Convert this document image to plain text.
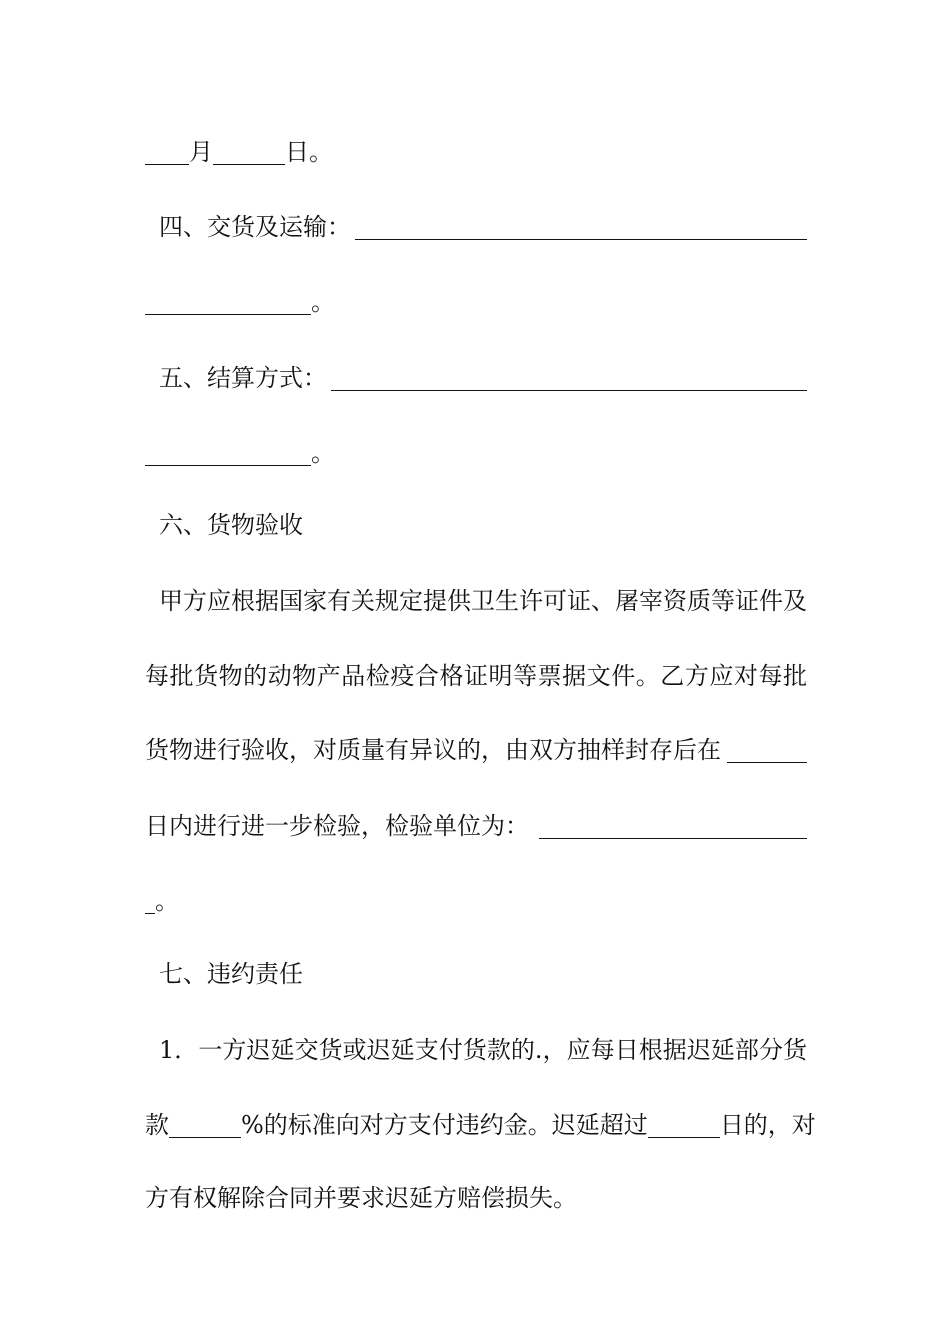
月	日。
四、交货及运输：
。
五、结算方式：
。
六、货物验收
甲方应根据国家有关规定提供卫生许可证、屠宰资质等证件及
每批货物的动物产品检疫合格证明等票据文件。乙方应对每批
货物进行验收，对质量有异议的，由双方抽样封存后在
日内进行进一步检验，检验单位为：
。
七、违约责任
1．一方迟延交货或迟延支付货款的.，应每日根据迟延部分货
款	%的标准向对方支付违约金。迟延超过	日的，对
方有权解除合同并要求迟延方赔偿损失。
